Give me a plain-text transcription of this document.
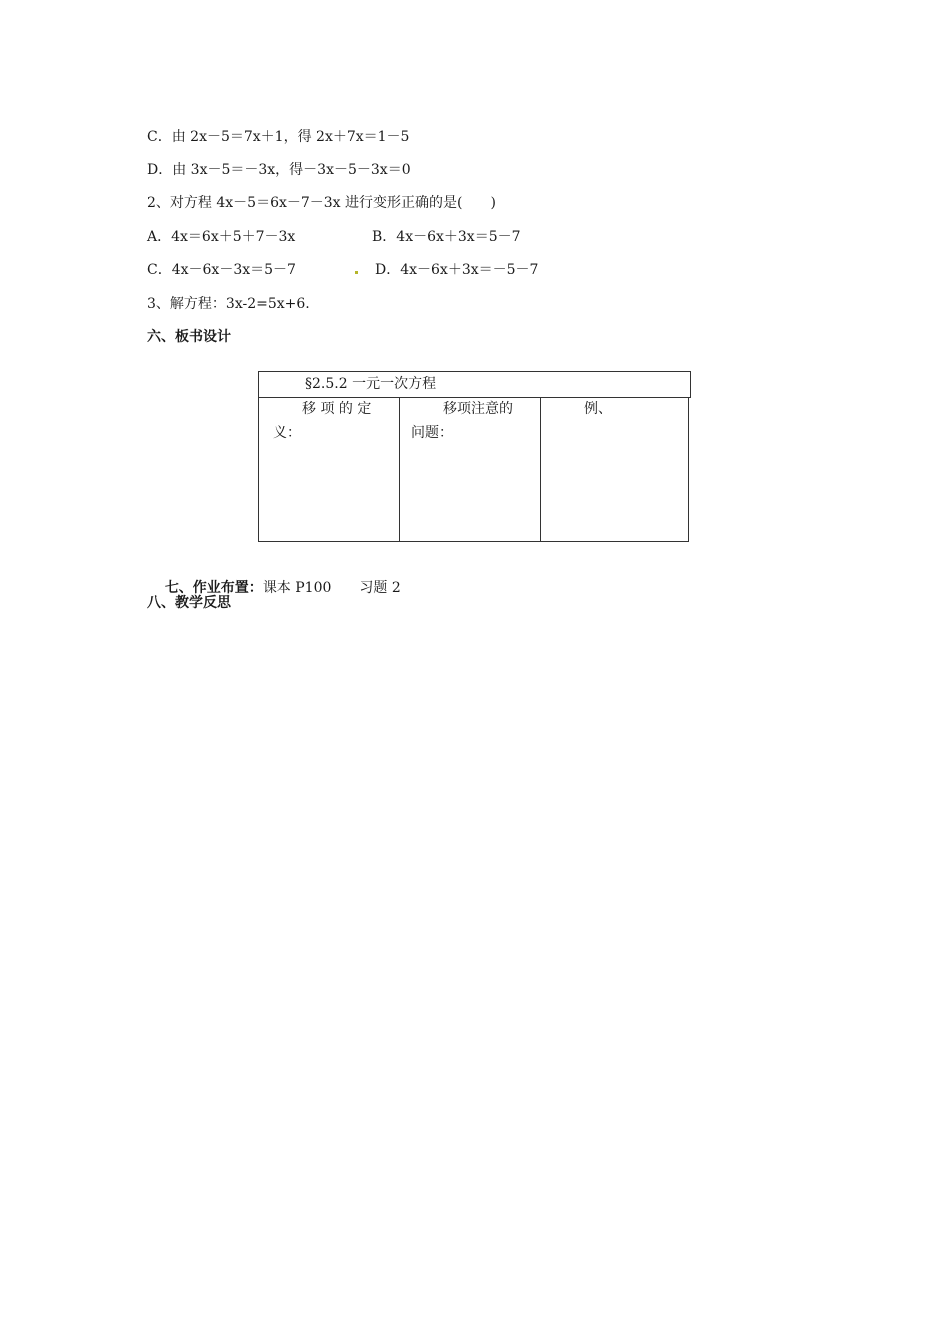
C．由 2x－5＝7x＋1，得 2x＋7x＝1－5
D．由 3x－5＝－3x，得－3x－5－3x＝0
2、对方程 4x－5＝6x－7－3x 进行变形正确的是(　　)
A．4x＝6x＋5＋7－3x	B．4x－6x＋3x＝5－7
C．4x－6x－3x＝5－7	D．4x－6x＋3x＝－5－7
3、解方程：3x-2=5x+6.
六、板书设计
§2.5.2 一元一次方程
移 项 的 定
义：
移项注意的
问题：
例、

七、作业布置：课本 P100　　习题 2

八、教学反思
